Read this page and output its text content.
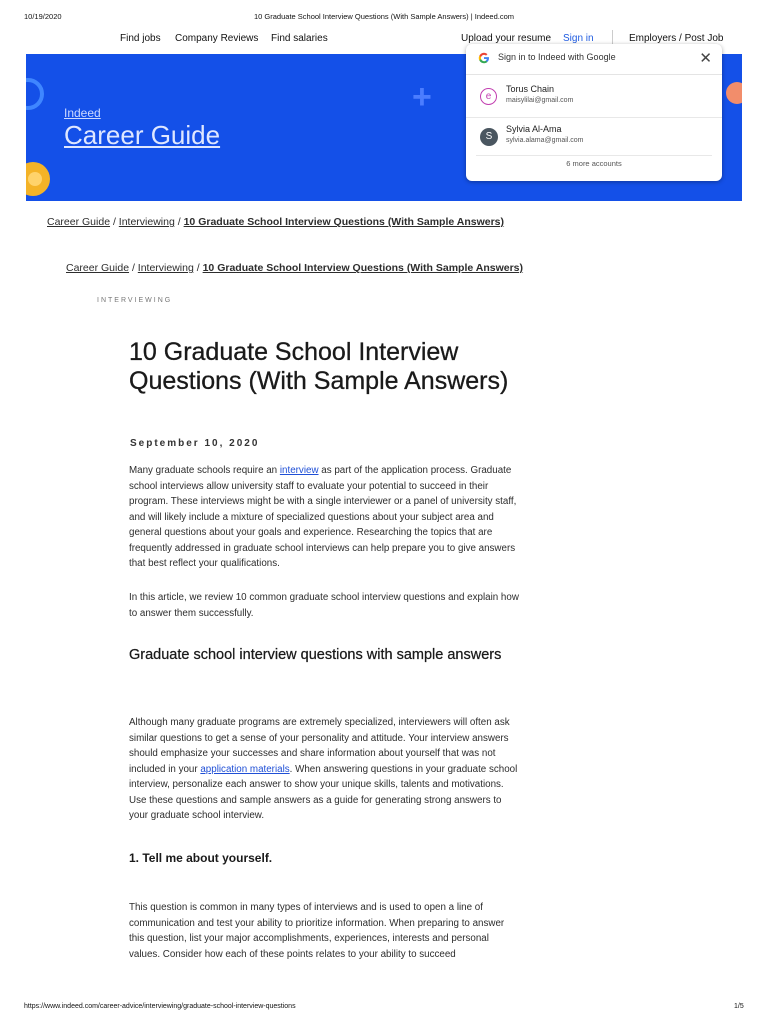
10/19/2020	10 Graduate School Interview Questions (With Sample Answers) | Indeed.com
Find jobs Company Reviews Find salaries	Upload your resume Sign in	Employers / Post Job
+
Indeed
Career Guide
Sign in to Indeed with Google	✕
e
Torus Chain
maisylilai@gmail.com
S
Sylvia Al-Ama
sylvia.alama@gmail.com
6 more accounts
Career Guide / Interviewing / 10 Graduate School Interview Questions (With Sample Answers)
Career Guide / Interviewing / 10 Graduate School Interview Questions (With Sample Answers)
INTERVIEWING
10 Graduate School Interview Questions (With Sample Answers)
September 10, 2020

Many graduate schools require an interview as part of the application process. Graduate school interviews allow university staff to evaluate your potential to succeed in their program. These interviews might be with a single interviewer or a panel of university staff, and will likely include a mixture of specialized questions about your subject area and general questions about your goals and experience. Researching the topics that are frequently addressed in graduate school interviews can help prepare you to give answers that best reflect your qualifications.

In this article, we review 10 common graduate school interview questions and explain how to answer them successfully.

Graduate school interview questions with sample answers

Although many graduate programs are extremely specialized, interviewers will often ask similar questions to get a sense of your personality and attitude. Your interview answers should emphasize your successes and share information about yourself that was not included in your application materials. When answering questions in your graduate school interview, personalize each answer to show your unique skills, talents and motivations. Use these questions and sample answers as a guide for generating strong answers to your graduate school interview.

1. Tell me about yourself.

This question is common in many types of interviews and is used to open a line of communication and test your ability to prioritize information. When preparing to answer this question, list your major accomplishments, experiences, interests and personal values. Consider how each of these points relates to your ability to succeed

https://www.indeed.com/career-advice/interviewing/graduate-school-interview-questions	1/5
